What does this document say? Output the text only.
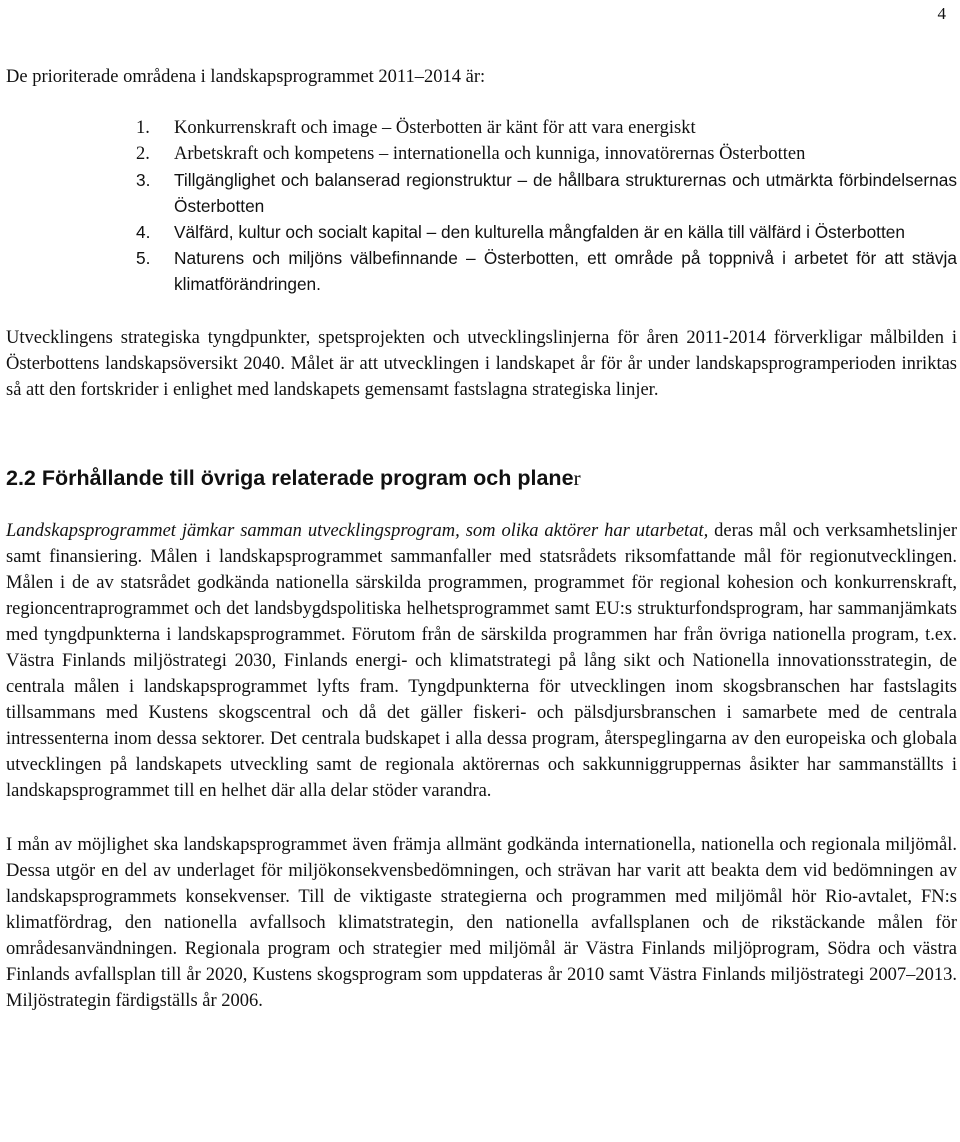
4

De prioriterade områdena i landskapsprogrammet 2011–2014 är:

1. Konkurrenskraft och image – Österbotten är känt för att vara energiskt
2. Arbetskraft och kompetens – internationella och kunniga, innovatörernas Österbotten
3. Tillgänglighet och balanserad regionstruktur – de hållbara strukturernas och utmärkta förbindelsernas Österbotten
4. Välfärd, kultur och socialt kapital – den kulturella mångfalden är en källa till välfärd i Österbotten
5. Naturens och miljöns välbefinnande – Österbotten, ett område på toppnivå i arbetet för att stävja klimatförändringen.

Utvecklingens strategiska tyngdpunkter, spetsprojekten och utvecklingslinjerna för åren 2011-2014 förverkligar målbilden i Österbottens landskapsöversikt 2040. Målet är att utvecklingen i landskapet år för år under landskapsprogramperioden inriktas så att den fortskrider i enlighet med landskapets gemensamt fastslagna strategiska linjer.

2.2 Förhållande till övriga relaterade program och planer

Landskapsprogrammet jämkar samman utvecklingsprogram, som olika aktörer har utarbetat, deras mål och verksamhetslinjer samt finansiering. Målen i landskapsprogrammet sammanfaller med statsrådets riksomfattande mål för regionutvecklingen. Målen i de av statsrådet godkända nationella särskilda programmen, programmet för regional kohesion och konkurrenskraft, regioncentraprogrammet och det landsbygdspolitiska helhetsprogrammet samt EU:s strukturfondsprogram, har sammanjämkats med tyngdpunkterna i landskapsprogrammet. Förutom från de särskilda programmen har från övriga nationella program, t.ex. Västra Finlands miljöstrategi 2030, Finlands energi- och klimatstrategi på lång sikt och Nationella innovationsstrategin, de centrala målen i landskapsprogrammet lyfts fram. Tyngdpunkterna för utvecklingen inom skogsbranschen har fastslagits tillsammans med Kustens skogscentral och då det gäller fiskeri- och pälsdjursbranschen i samarbete med de centrala intressenterna inom dessa sektorer. Det centrala budskapet i alla dessa program, återspeglingarna av den europeiska och globala utvecklingen på landskapets utveckling samt de regionala aktörernas och sakkunniggruppernas åsikter har sammanställts i landskapsprogrammet till en helhet där alla delar stöder varandra.

I mån av möjlighet ska landskapsprogrammet även främja allmänt godkända internationella, nationella och regionala miljömål. Dessa utgör en del av underlaget för miljökonsekvensbedömningen, och strävan har varit att beakta dem vid bedömningen av landskapsprogrammets konsekvenser. Till de viktigaste strategierna och programmen med miljömål hör Rio-avtalet, FN:s klimatfördrag, den nationella avfallsoch klimatstrategin, den nationella avfallsplanen och de rikstäckande målen för områdesanvändningen. Regionala program och strategier med miljömål är Västra Finlands miljöprogram, Södra och västra Finlands avfallsplan till år 2020, Kustens skogsprogram som uppdateras år 2010 samt Västra Finlands miljöstrategi 2007–2013. Miljöstrategin färdigställs år 2006.
